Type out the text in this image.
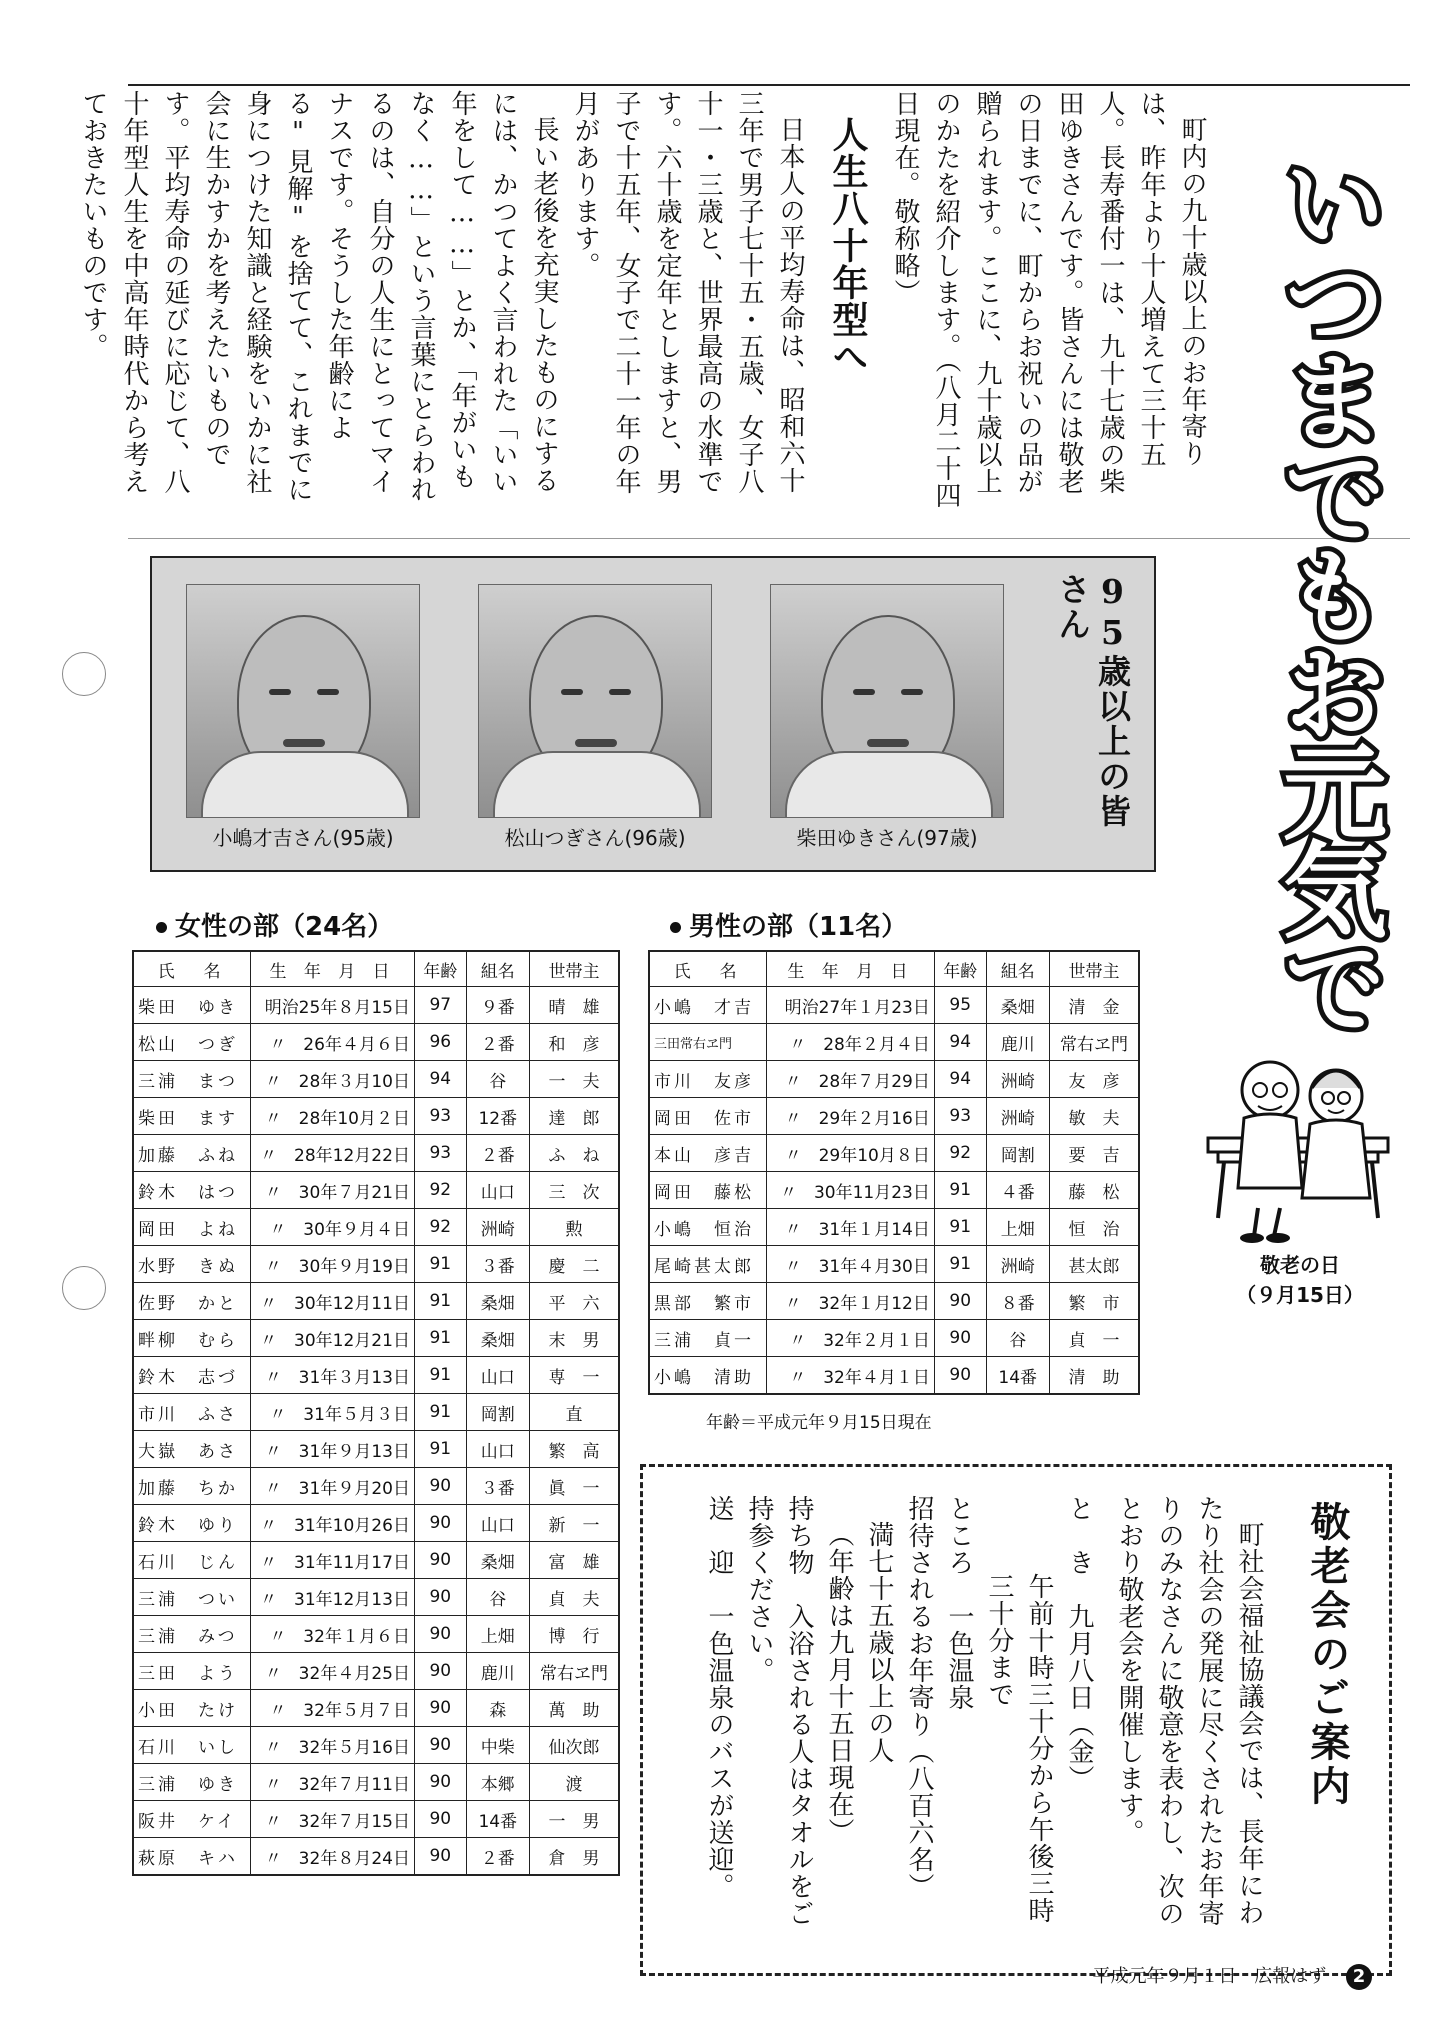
いつまでもお元気で

町内の九十歳以上のお年寄りは、昨年より十人増えて三十五人。長寿番付一は、九十七歳の柴田ゆきさんです。皆さんには敬老の日までに、町からお祝いの品が贈られます。ここに、九十歳以上のかたを紹介します。（八月二十四日現在。敬称略）

人生八十年型へ

日本人の平均寿命は、昭和六十三年で男子七十五・五歳、女子八十一・三歳と、世界最高の水準です。六十歳を定年としますと、男子で十五年、女子で二十一年の年月があります。

長い老後を充実したものにするには、かつてよく言われた「いい年をして……」とか、「年がいもなく……」という言葉にとらわれるのは、自分の人生にとってマイナスです。そうした年齢による"見解"を捨てて、これまでに身につけた知識と経験をいかに社会に生かすかを考えたいものです。平均寿命の延びに応じて、八十年型人生を中高年時代から考えておきたいものです。

小嶋才吉さん(95歳)	松山つぎさん(96歳)	柴田ゆきさん(97歳)
95歳以上の皆さん
女性の部（24名）
氏　名	生 年 月 日	年齢	組名	世帯主
柴田　ゆき	明治25年８月15日	97	９番	晴　雄
松山　つぎ	〃　26年４月６日	96	２番	和　彦
三浦　まつ	〃　28年３月10日	94	谷	一　夫
柴田　ます	〃　28年10月２日	93	12番	達　郎
加藤　ふね	〃　28年12月22日	93	２番	ふ　ね
鈴木　はつ	〃　30年７月21日	92	山口	三　次
岡田　よね	〃　30年９月４日	92	洲崎	勲
水野　きぬ	〃　30年９月19日	91	３番	慶　二
佐野　かと	〃　30年12月11日	91	桑畑	平　六
畔柳　むら	〃　30年12月21日	91	桑畑	末　男
鈴木　志づ	〃　31年３月13日	91	山口	専　一
市川　ふさ	〃　31年５月３日	91	岡割	直
大嶽　あさ	〃　31年９月13日	91	山口	繁　高
加藤　ちか	〃　31年９月20日	90	３番	眞　一
鈴木　ゆり	〃　31年10月26日	90	山口	新　一
石川　じん	〃　31年11月17日	90	桑畑	富　雄
三浦　つい	〃　31年12月13日	90	谷	貞　夫
三浦　みつ	〃　32年１月６日	90	上畑	博　行
三田　よう	〃　32年４月25日	90	鹿川	常右ヱ門
小田　たけ	〃　32年５月７日	90	森	萬　助
石川　いし	〃　32年５月16日	90	中柴	仙次郎
三浦　ゆき	〃　32年７月11日	90	本郷	渡
阪井　ケイ	〃　32年７月15日	90	14番	一　男
萩原　キハ	〃　32年８月24日	90	２番	倉　男
男性の部（11名）
氏　名	生 年 月 日	年齢	組名	世帯主
小嶋　才吉	明治27年１月23日	95	桑畑	清　金
三田常右ヱ門	〃　28年２月４日	94	鹿川	常右ヱ門
市川　友彦	〃　28年７月29日	94	洲崎	友　彦
岡田　佐市	〃　29年２月16日	93	洲崎	敏　夫
本山　彦吉	〃　29年10月８日	92	岡割	要　吉
岡田　藤松	〃　30年11月23日	91	４番	藤　松
小嶋　恒治	〃　31年１月14日	91	上畑	恒　治
尾崎甚太郎	〃　31年４月30日	91	洲崎	甚太郎
黒部　繁市	〃　32年１月12日	90	８番	繁　市
三浦　貞一	〃　32年２月１日	90	谷	貞　一
小嶋　清助	〃　32年４月１日	90	14番	清　助
年齢＝平成元年９月15日現在
敬老の日
（９月15日）
敬老会のご案内

町社会福祉協議会では、長年にわたり社会の発展に尽くされたお年寄りのみなさんに敬意を表わし、次のとおり敬老会を開催します。

と　き　九月八日（金）

午前十時三十分から午後三時三十分まで

ところ　一色温泉

招待されるお年寄り（八百六名）

満七十五歳以上の人

（年齢は九月十五日現在）

持ち物　入浴される人はタオルをご持参ください。

送　迎　一色温泉のバスが送迎。

平成元年９月１日 広報はず 2
